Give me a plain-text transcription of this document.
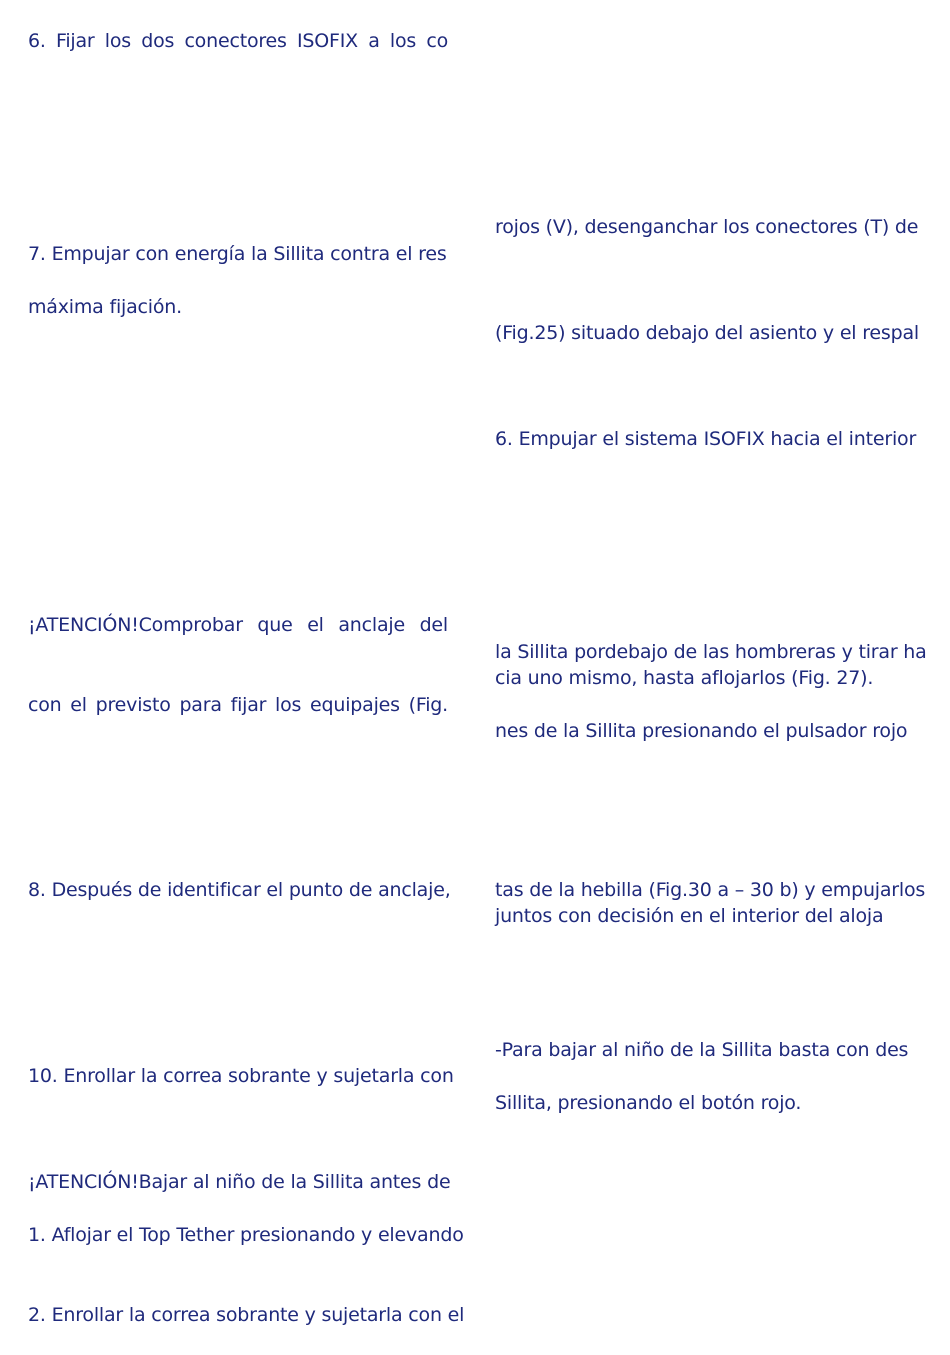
6. Fijar los dos conectores ISOFIX a los co
7. Empujar con energía la Sillita contra el res
máxima fijación.
¡ATENCIÓN!Comprobar que el anclaje del
con el previsto para fijar los equipajes (Fig.
8. Después de identificar el punto de anclaje,
10. Enrollar la correa sobrante y sujetarla con
¡ATENCIÓN!Bajar al niño de la Sillita antes de
1. Aflojar el Top Tether presionando y elevando
2. Enrollar la correa sobrante y sujetarla con el
rojos (V), desenganchar los conectores (T) de
(Fig.25) situado debajo del asiento y el respal
6. Empujar el sistema ISOFIX hacia el interior
la Sillita pordebajo de las hombreras y tirar ha
cia uno mismo, hasta aflojarlos (Fig. 27).
nes de la Sillita presionando el pulsador rojo
tas de la hebilla (Fig.30 a – 30 b) y empujarlos
juntos con decisión en el interior del aloja
-Para bajar al niño de la Sillita basta con des
Sillita, presionando el botón rojo.
